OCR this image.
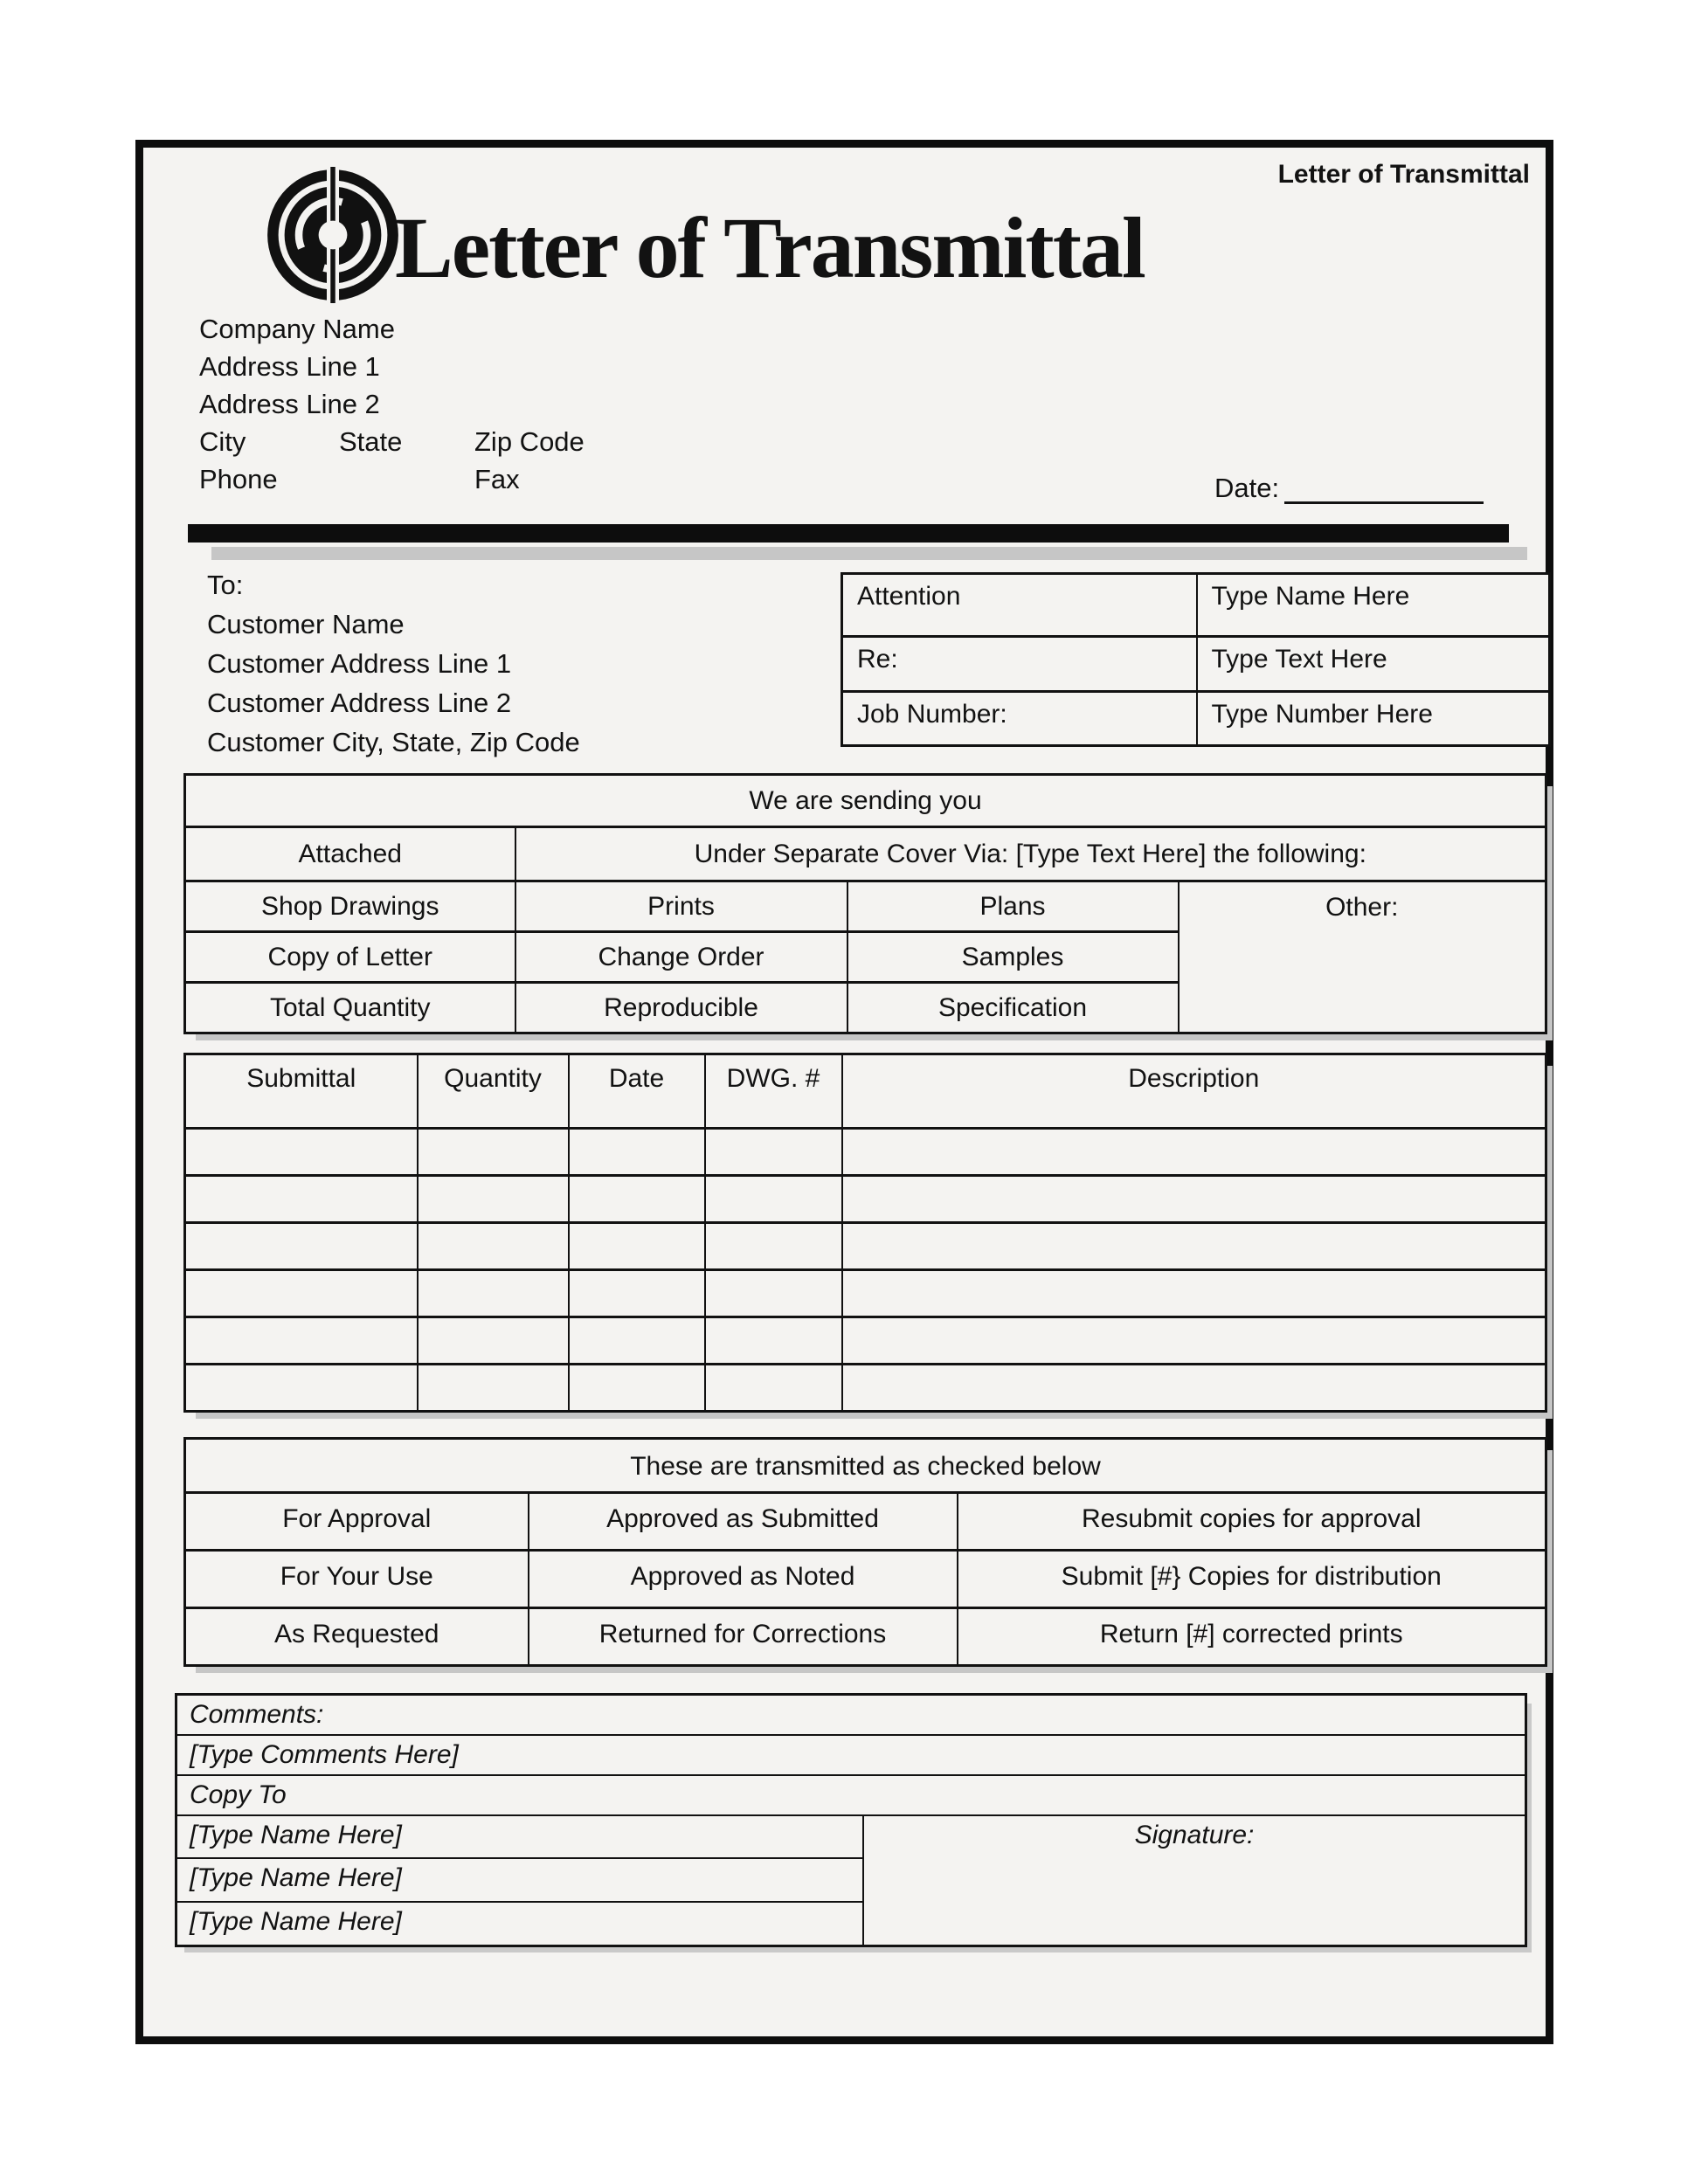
Letter of Transmittal
Letter of Transmittal
Company Name
Address Line 1
Address Line 2
City	State	Zip Code
Phone	Fax	Date:
To:
Customer Name
Customer Address Line 1
Customer Address Line 2
Customer City, State, Zip Code
Attention	Type Name Here
Re:	Type Text Here
Job Number:	Type Number Here
We are sending you			
Attached	Under Separate Cover Via: [Type Text Here] the following:		
Shop Drawings	Prints	Plans	Other:
Copy of Letter	Change Order	Samples	
Total Quantity	Reproducible	Specification	
Submittal	Quantity	Date	DWG. #	Description

These are transmitted as checked below		
For Approval	Approved as Submitted	Resubmit copies for approval
For Your Use	Approved as Noted	Submit [#} Copies for distribution
As Requested	Returned for Corrections	Return [#] corrected prints
Comments:
[Type Comments Here]
Copy To
[Type Name Here]	Signature:
[Type Name Here]
[Type Name Here]
